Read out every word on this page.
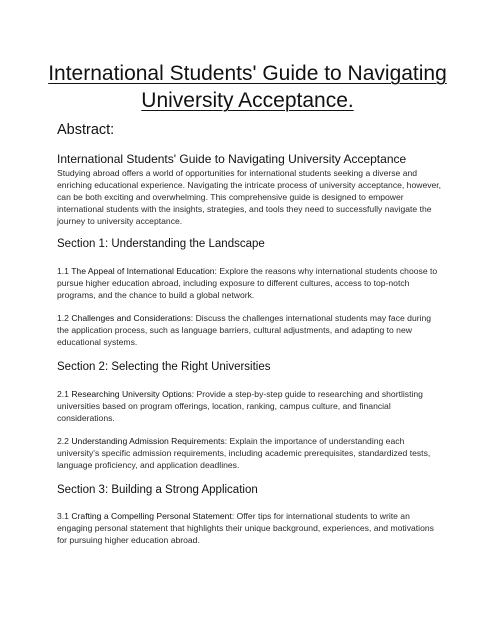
International Students' Guide to Navigating University Acceptance.
Abstract:
International Students' Guide to Navigating University Acceptance

Studying abroad offers a world of opportunities for international students seeking a diverse and enriching educational experience. Navigating the intricate process of university acceptance, however, can be both exciting and overwhelming. This comprehensive guide is designed to empower international students with the insights, strategies, and tools they need to successfully navigate the journey to university acceptance.

Section 1: Understanding the Landscape

1.1 The Appeal of International Education: Explore the reasons why international students choose to pursue higher education abroad, including exposure to different cultures, access to top-notch programs, and the chance to build a global network.

1.2 Challenges and Considerations: Discuss the challenges international students may face during the application process, such as language barriers, cultural adjustments, and adapting to new educational systems.

Section 2: Selecting the Right Universities

2.1 Researching University Options: Provide a step-by-step guide to researching and shortlisting universities based on program offerings, location, ranking, campus culture, and financial considerations.

2.2 Understanding Admission Requirements: Explain the importance of understanding each university's specific admission requirements, including academic prerequisites, standardized tests, language proficiency, and application deadlines.

Section 3: Building a Strong Application

3.1 Crafting a Compelling Personal Statement: Offer tips for international students to write an engaging personal statement that highlights their unique background, experiences, and motivations for pursuing higher education abroad.
